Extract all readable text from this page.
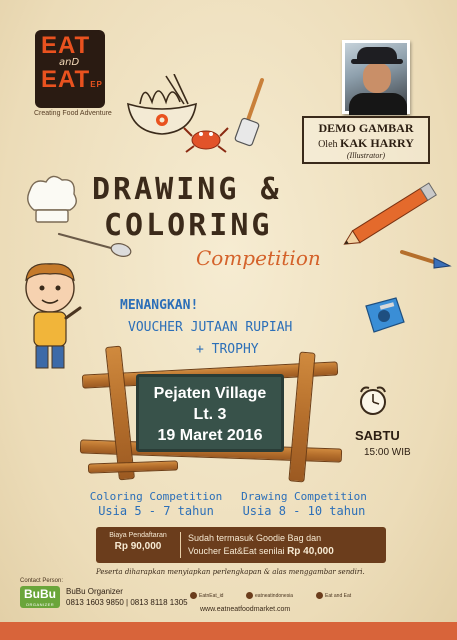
EAT
anD
EATEP
Creating Food Adventure
DEMO GAMBAR
Oleh KAK HARRY
(Illustrator)
DRAWING &
COLORING
Competition
MENANGKAN!
VOUCHER JUTAAN RUPIAH
+ TROPHY
Pejaten Village
Lt. 3
19 Maret 2016	SABTU
15:00 WIB
Coloring Competition
Usia 5 - 7 tahun
Drawing Competition
Usia 8 - 10 tahun
Biaya Pendaftaran
Rp 90,000
Sudah termasuk Goodie Bag dan
Voucher Eat&Eat senilai Rp 40,000
Peserta diharapkan menyiapkan perlengkapan & alas menggambar sendiri.
Contact Person:
BuBu
ORGANIZER
BuBu Organizer
0813 1603 9850 | 0813 8118 1305
EatnEat_id	eatneatindonesia	Eat and Eat
www.eatneatfoodmarket.com
